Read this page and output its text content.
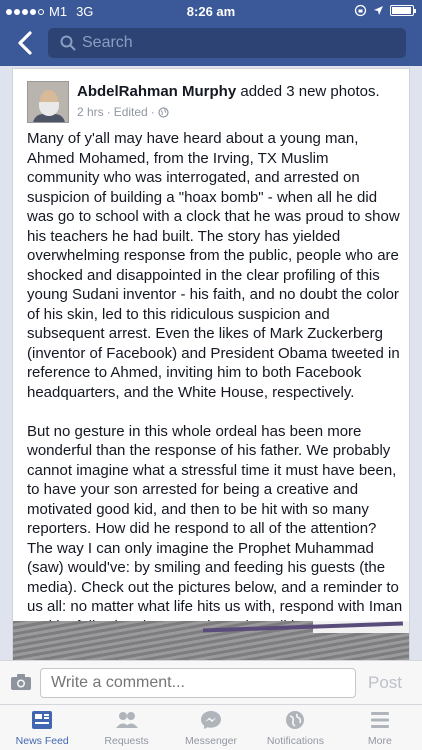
M1 3G	8:26 am
Search
AbdelRahman Murphy added 3 new photos.
2 hrs · Edited ·

Many of y'all may have heard about a young man, Ahmed Mohamed, from the Irving, TX Muslim community who was interrogated, and arrested on suspicion of building a "hoax bomb" - when all he did was go to school with a clock that he was proud to show his teachers he had built. The story has yielded overwhelming response from the public, people who are shocked and disappointed in the clear profiling of this young Sudani inventor - his faith, and no doubt the color of his skin, led to this ridiculous suspicion and subsequent arrest. Even the likes of Mark Zuckerberg (inventor of Facebook) and President Obama tweeted in reference to Ahmed, inviting him to both Facebook headquarters, and the White House, respectively.

But no gesture in this whole ordeal has been more wonderful than the response of his father. We probably cannot imagine what a stressful time it must have been, to have your son arrested for being a creative and motivated good kid, and then to be hit with so many reporters. How did he respond to all of the attention? The way I can only imagine the Prophet Muhammad (saw) would've: by smiling and feeding his guests (the media). Check out the pictures below, and a reminder to us all: no matter what life hits us with, respond with Iman

Write a comment...
Post
News Feed	Requests	Messenger	Notifications	More
